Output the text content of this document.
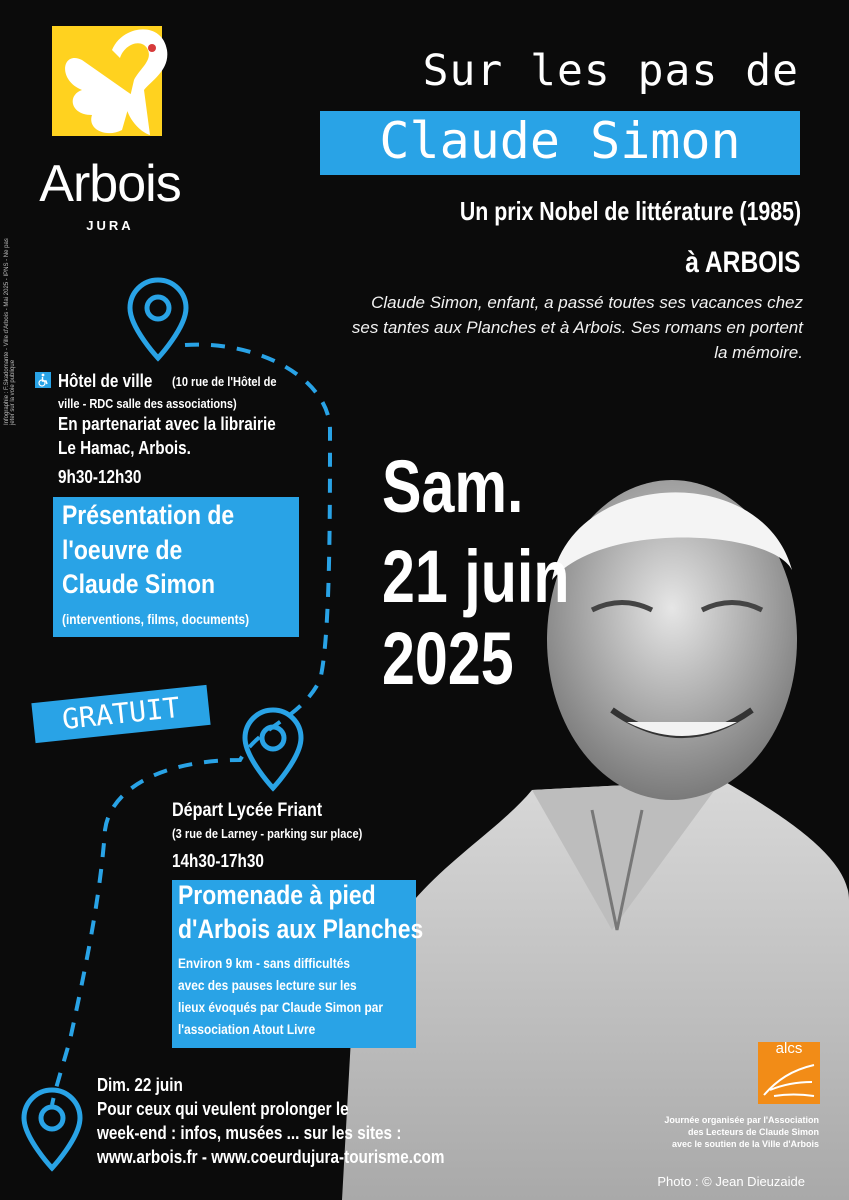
Arbois
JURA
Infographie : F.Skadomante - Ville d'Arbois - Mai 2025 - IPNS - Ne pas jeter sur la voie publique
Sur les pas de
Claude Simon
Un prix Nobel de littérature (1985)
à ARBOIS
Claude Simon, enfant, a passé toutes ses vacances chez ses tantes aux Planches et à Arbois. Ses romans en portent la mémoire.
Sam.
21 juin
2025
Hôtel de ville (10 rue de l'Hôtel de
ville - RDC salle des associations)
En partenariat avec la librairie
Le Hamac, Arbois.
9h30-12h30
Présentation de
l'oeuvre de
Claude Simon
(interventions, films, documents)
GRATUIT
Départ Lycée Friant
(3 rue de Larney - parking sur place)
14h30-17h30
Promenade à pied
d'Arbois aux Planches
Environ 9 km - sans difficultés
avec des pauses lecture sur les
lieux évoqués par Claude Simon par
l'association Atout Livre
Dim. 22 juin
Pour ceux qui veulent prolonger le
week-end : infos, musées ... sur les sites :
www.arbois.fr - www.coeurdujura-tourisme.com
alcs
Journée organisée par l'Association
des Lecteurs de Claude Simon
avec le soutien de la Ville d'Arbois
Photo : © Jean Dieuzaide
